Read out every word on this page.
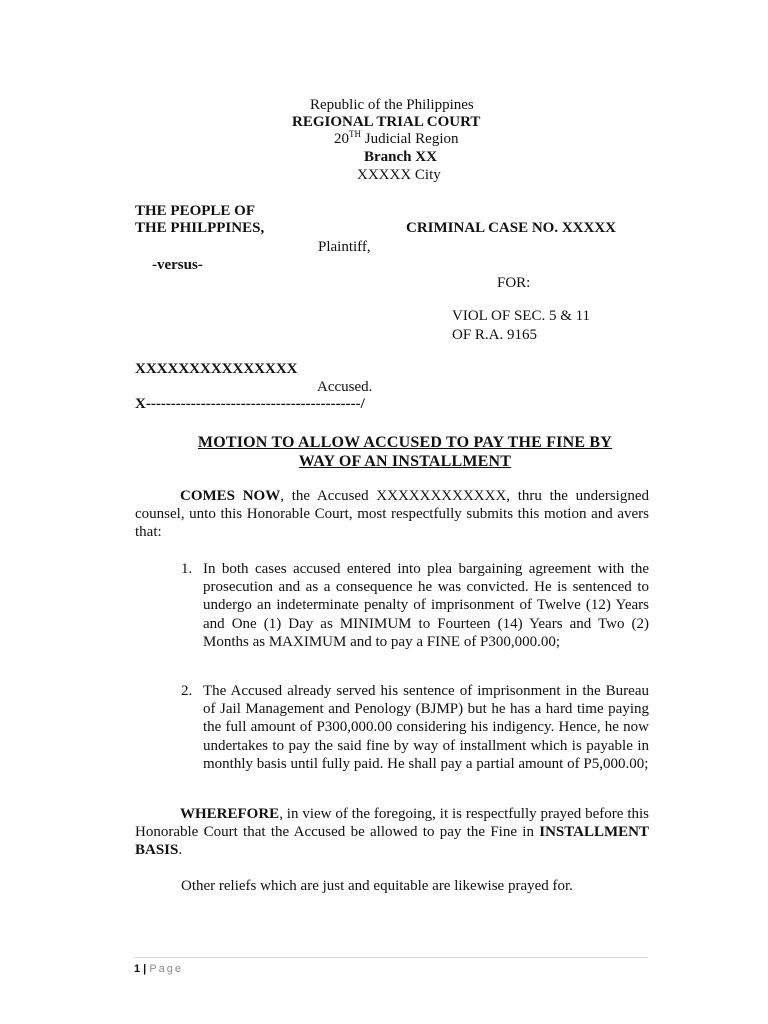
Republic of the Philippines
REGIONAL TRIAL COURT
20TH Judicial Region
Branch XX
XXXXX City
THE PEOPLE OF
THE PHILPPINES,	CRIMINAL CASE NO. XXXXX
Plaintiff,
-versus-
FOR:
VIOL OF SEC. 5 & 11
OF R.A. 9165
XXXXXXXXXXXXXXX
Accused.
X-------------------------------------------/
MOTION TO ALLOW ACCUSED TO PAY THE FINE BY
WAY OF AN INSTALLMENT
COMES NOW, the Accused XXXXXXXXXXXX, thru the undersigned counsel, unto this Honorable Court, most respectfully submits this motion and avers that:
1. In both cases accused entered into plea bargaining agreement with the prosecution and as a consequence he was convicted. He is sentenced to undergo an indeterminate penalty of imprisonment of Twelve (12) Years and One (1) Day as MINIMUM to Fourteen (14) Years and Two (2) Months as MAXIMUM and to pay a FINE of P300,000.00;
2. The Accused already served his sentence of imprisonment in the Bureau of Jail Management and Penology (BJMP) but he has a hard time paying the full amount of P300,000.00 considering his indigency. Hence, he now undertakes to pay the said fine by way of installment which is payable in monthly basis until fully paid. He shall pay a partial amount of P5,000.00;
WHEREFORE, in view of the foregoing, it is respectfully prayed before this Honorable Court that the Accused be allowed to pay the Fine in INSTALLMENT BASIS.
Other reliefs which are just and equitable are likewise prayed for.
1 | Page
